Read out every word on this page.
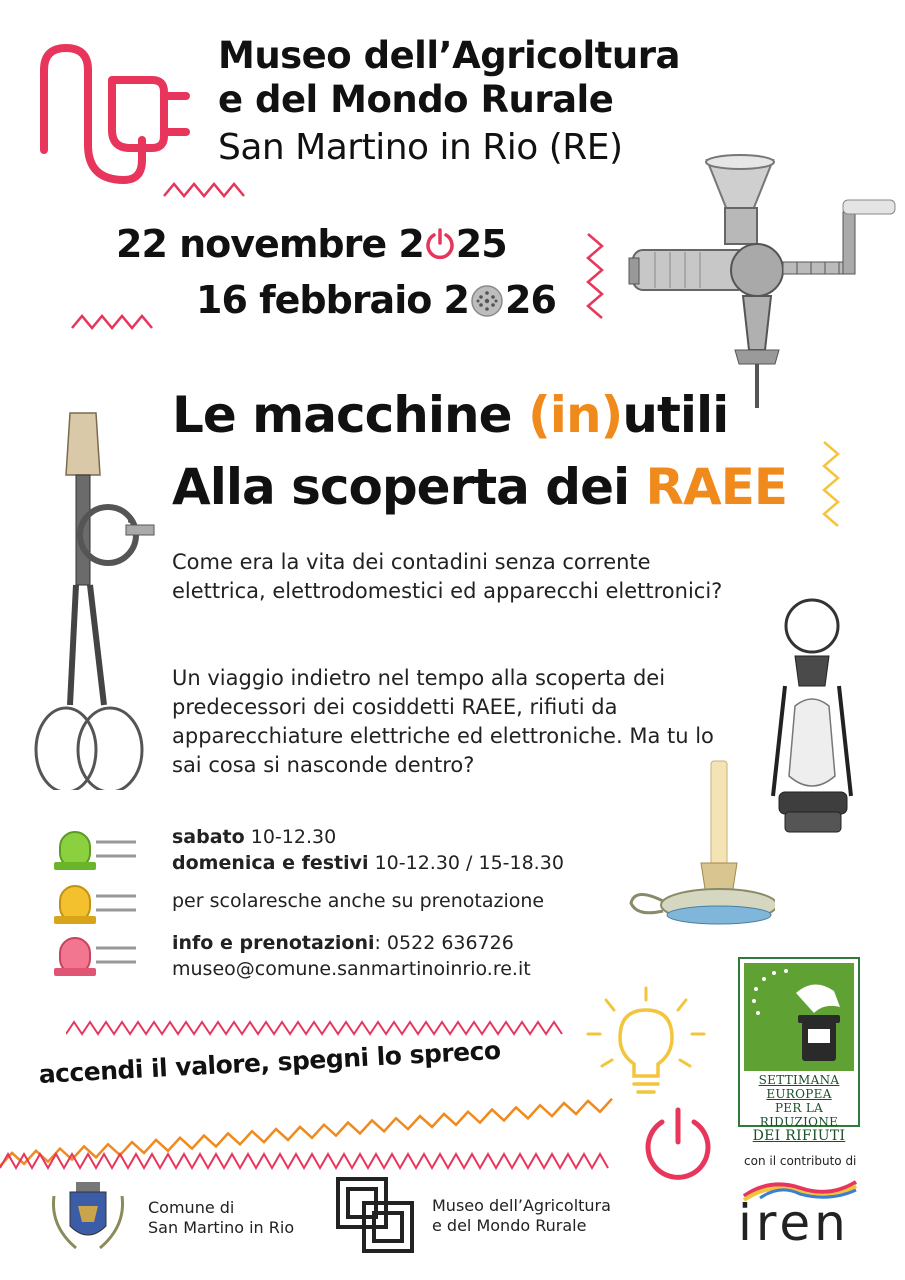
Museo dell’Agricoltura
e del Mondo Rurale
San Martino in Rio (RE)
22 novembre 2 25
16 febbraio 2 26
Le macchine (in)utili
Alla scoperta dei RAEE
Come era la vita dei contadini senza corrente elettrica, elettrodomestici ed apparecchi elettronici?
Un viaggio indietro nel tempo alla scoperta dei predecessori dei cosiddetti RAEE, rifiuti da apparecchiature elettriche ed elettroniche. Ma tu lo sai cosa si nasconde dentro?
sabato 10-12.30
domenica e festivi 10-12.30 / 15-18.30
per scolaresche anche su prenotazione
info e prenotazioni: 0522 636726
museo@comune.sanmartinoinrio.re.it
accendi il valore, spegni lo spreco	SETTIMANA EUROPEA
PER LA RIDUZIONE
DEI RIFIUTI
con il contributo di
iren
Comune di
San Martino in Rio
Museo dell’Agricoltura
e del Mondo Rurale
